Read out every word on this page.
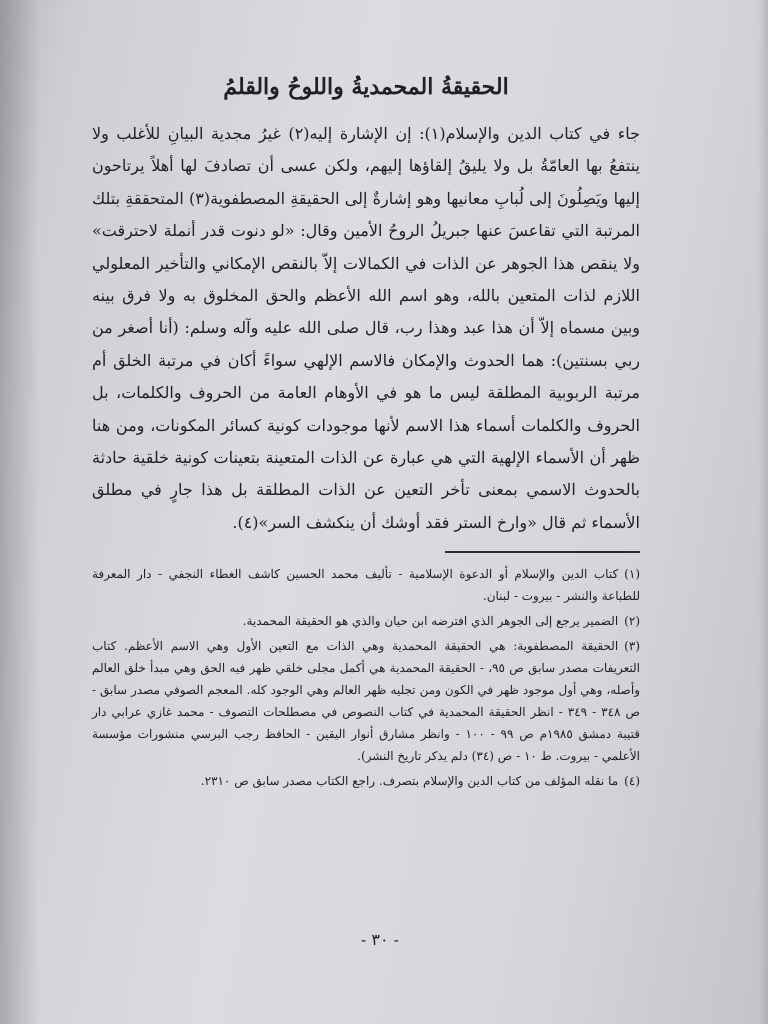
الحقيقةُ المحمديةُ واللوحُ والقلمُ

جاء في كتاب الدين والإسلام(١): إن الإشارة إليه(٢) غيرُ مجدية البيانِ للأغلب ولا ينتفعُ بها العامّةُ بل ولا يليقُ إلقاؤها إليهم، ولكن عسى أن تصادفَ لها أهلاً يرتاحون إليها ويَصِلُونَ إلى لُبابِ معانيها وهو إشارةٌ إلى الحقيقةِ المصطفوية(٣) المتحققةِ بتلك المرتبة التي تقاعسَ عنها جبريلُ الروحُ الأمين وقال: «لو دنوت قدر أنملة لاحترقت» ولا ينقص هذا الجوهر عن الذات في الكمالات إلاّ بالنقص الإمكاني والتأخير المعلولي اللازم لذات المتعين بالله، وهو اسم الله الأعظم والحق المخلوق به ولا فرق بينه وبين مسماه إلاّ أن هذا عبد وهذا رب، قال صلى الله عليه وآله وسلم: (أنا أصغر من ربي بسنتين): هما الحدوث والإمكان فالاسم الإلهي سواءً أكان في مرتبة الخلق أم مرتبة الربوبية المطلقة ليس ما هو في الأوهام العامة من الحروف والكلمات، بل الحروف والكلمات أسماء هذا الاسم لأنها موجودات كونية كسائر المكونات، ومن هنا ظهر أن الأسماء الإلهية التي هي عبارة عن الذات المتعينة بتعينات كونية خلقية حادثة بالحدوث الاسمي بمعنى تأخر التعين عن الذات المطلقة بل هذا جارٍ في مطلق الأسماء ثم قال «وارخ الستر فقد أوشك أن ينكشف السر»(٤).

(١)كتاب الدين والإسلام أو الدعوة الإسلامية - تأليف محمد الحسين كاشف الغطاء النجفي - دار المعرفة للطباعة والنشر - بيروت - لبنان.
(٢)الضمير يرجع إلى الجوهر الذي افترضه ابن حيان والذي هو الحقيقة المحمدية.
(٣)الحقيقة المصطفوية: هي الحقيقة المحمدية وهي الذات مع التعين الأول وهي الاسم الأعظم. كتاب التعريفات مصدر سابق ص ٩٥، - الحقيقة المحمدية هي أكمل مجلى خلقي ظهر فيه الحق وهي مبدأ خلق العالم وأصله، وهي أول موجود ظهر في الكون ومن تجليه ظهر العالم وهي الوجود كله. المعجم الصوفي مصدر سابق - ص ٣٤٨ - ٣٤٩ - انظر الحقيقة المحمدية في كتاب النصوص في مصطلحات التصوف - محمد غازي عرابي دار قتيبة دمشق ١٩٨٥م ص ٩٩ - ١٠٠ - وانظر مشارق أنوار اليقين - الحافظ رجب البرسي منشورات مؤسسة الأعلمي - بيروت. ط ١٠ - ص (٣٤) دلم يذكر تاريخ النشر).
(٤)ما نقله المؤلف من كتاب الدين والإسلام بتصرف. راجع الكتاب مصدر سابق ص ٢٣١٠.
- ٣٠ -
